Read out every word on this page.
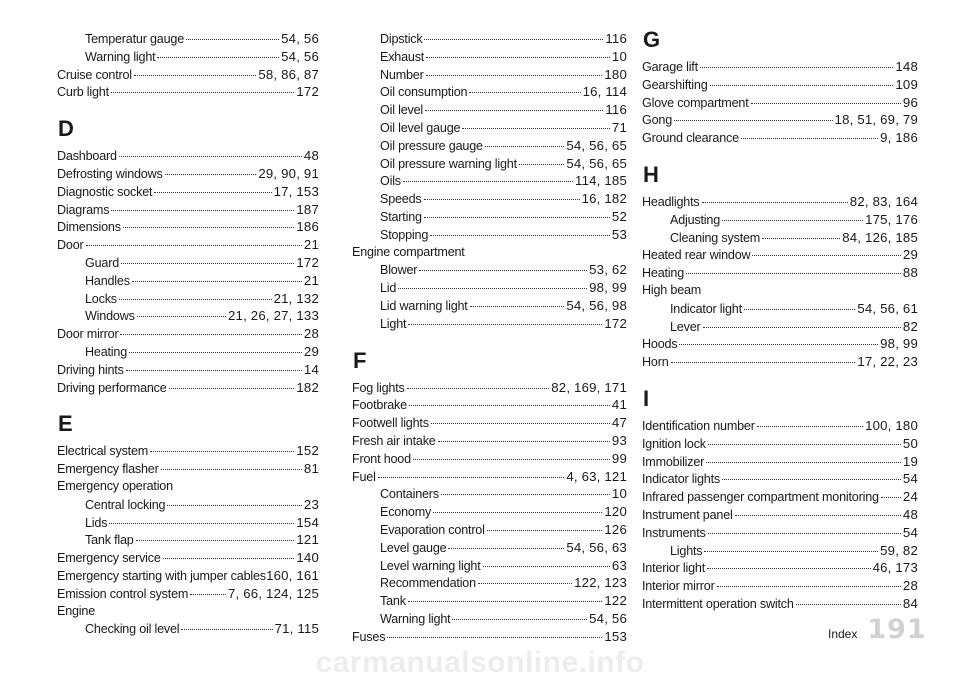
Temperatur gauge	54, 56
Warning light	54, 56
Cruise control	58, 86, 87
Curb light	172
D
Dashboard	48
Defrosting windows	29, 90, 91
Diagnostic socket	17, 153
Diagrams	187
Dimensions	186
Door	21
Guard	172
Handles	21
Locks	21, 132
Windows	21, 26, 27, 133
Door mirror	28
Heating	29
Driving hints	14
Driving performance	182
E
Electrical system	152
Emergency flasher	81
Emergency operation
Central locking	23
Lids	154
Tank flap	121
Emergency service	140
Emergency starting with jumper cables 160, 161
Emission control system	7, 66, 124, 125
Engine
Checking oil level	71, 115
Dipstick	116
Exhaust	10
Number	180
Oil consumption	16, 114
Oil level	116
Oil level gauge	71
Oil pressure gauge	54, 56, 65
Oil pressure warning light	54, 56, 65
Oils	114, 185
Speeds	16, 182
Starting	52
Stopping	53
Engine compartment
Blower	53, 62
Lid	98, 99
Lid warning light	54, 56, 98
Light	172
F
Fog lights	82, 169, 171
Footbrake	41
Footwell lights	47
Fresh air intake	93
Front hood	99
Fuel	4, 63, 121
Containers	10
Economy	120
Evaporation control	126
Level gauge	54, 56, 63
Level warning light	63
Recommendation	122, 123
Tank	122
Warning light	54, 56
Fuses	153
G
Garage lift	148
Gearshifting	109
Glove compartment	96
Gong	18, 51, 69, 79
Ground clearance	9, 186
H
Headlights	82, 83, 164
Adjusting	175, 176
Cleaning system	84, 126, 185
Heated rear window	29
Heating	88
High beam
Indicator light	54, 56, 61
Lever	82
Hoods	98, 99
Horn	17, 22, 23
I
Identification number	100, 180
Ignition lock	50
Immobilizer	19
Indicator lights	54
Infrared passenger compartment monitoring 24
Instrument panel	48
Instruments	54
Lights	59, 82
Interior light	46, 173
Interior mirror	28
Intermittent operation switch	84
Index 191
carmanualsonline.info
